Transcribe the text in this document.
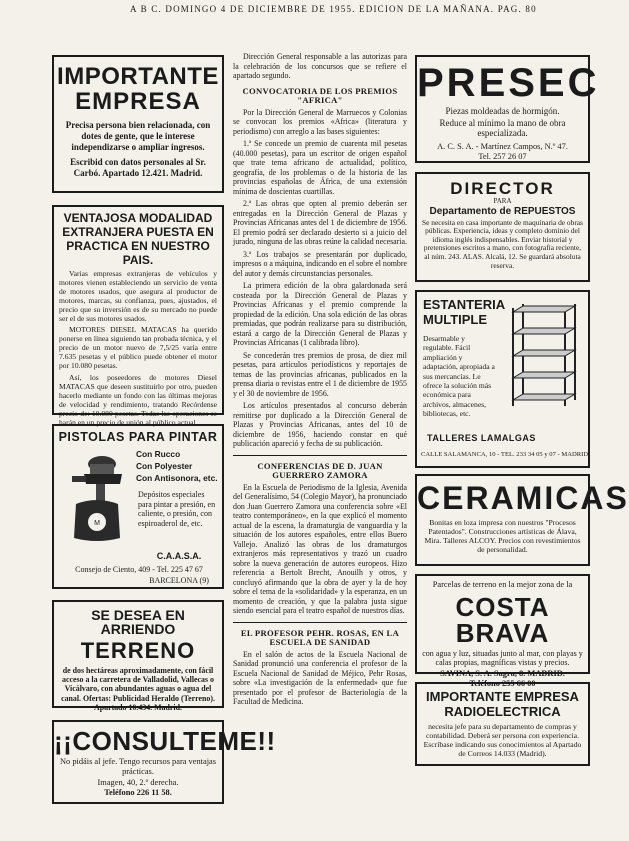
A B C. DOMINGO 4 DE DICIEMBRE DE 1955. EDICION DE LA MAÑANA. PAG. 80
IMPORTANTE
EMPRESA
Precisa persona bien relacionada, con dotes de gente, que le interese independizarse o ampliar ingresos.
Escribid con datos personales al Sr. Carbó. Apartado 12.421. Madrid.
VENTAJOSA MODALIDAD EXTRANJERA PUESTA EN PRACTICA EN NUESTRO PAIS.

Varias empresas extranjeras de vehículos y motores vienen estableciendo un servicio de venta de motores usados, que asegura al productor de motores, marcas, su confianza, pues, ajustados, el precio que su inversión es de su mercado no puede ser el de sus motores usados.

MOTORES DIESEL MATACAS ha querido ponerse en línea siguiendo tan probada técnica, y el precio de un motor nuevo de 7,5/25 varía entre 7.635 pesetas y el público puede obtener el motor por 10.080 pesetas.

Así, los poseedores de motores Diesel MATACAS que deseen sustituirlo por otro, pueden hacerlo mediante un fondo con las últimas mejoras de velocidad y rendimiento, tratando Recórdense precio de: 10.080 pesetas. Todas las operaciones se harán en un precio de unión al público actual.

PISTOLAS PARA PINTAR
M
Con Rucco
Con Polyester
Con Antisonora, etc.
Depósitos especiales para pintar a presión, en caliente, o presión, con espiroaderol de, etc.
C.A.A.S.A.
Consejo de Ciento, 409 - Tel. 225 47 67
BARCELONA (9)
SE DESEA EN ARRIENDO
TERRENO
de dos hectáreas aproximadamente, con fácil acceso a la carretera de Valladolid, Vallecas o Vicálvaro, con abundantes aguas o agua del canal. Ofertas: Publicidad Heraldo (Terreno). Apartado 10.434. Madrid.
¡¡CONSULTEME!!
No pidáis al jefe. Tengo recursos para ventajas prácticas.
Imagen, 40, 2.º derecha.
Teléfono 226 11 58.

Dirección General responsable a las autorizas para la celebración de los concursos que se refiere el apartado segundo.

CONVOCATORIA DE LOS PREMIOS "AFRICA"

Por la Dirección General de Marruecos y Colonias se convocan los premios «Africa» (literatura y periodismo) con arreglo a las bases siguientes:

1.ª Se concede un premio de cuarenta mil pesetas (40.000 pesetas), para un escritor de origen español que trate tema africano de actualidad, político, geografía, de los problemas o de la historia de las provincias españolas de África, de una extensión mínima de doscientas cuartillas.

2.ª Las obras que opten al premio deberán ser entregadas en la Dirección General de Plazas y Provincias Africanas antes del 1 de diciembre de 1956. El premio podrá ser declarado desierto si a juicio del jurado, ninguna de las obras reúne la calidad necesaria.

3.ª Los trabajos se presentarán por duplicado, impresos o a máquina, indicando en el sobre el nombre del autor y demás circunstancias personales.

La primera edición de la obra galardonada será costeada por la Dirección General de Plazas y Provincias Africanas y el premio comprende la propiedad de la edición. Una sola edición de las obras premiadas, que podrán realizarse para su distribución, estará a cargo de la Dirección General de Plazas y Provincias Africanas (1 calibrada libro).

Se concederán tres premios de prosa, de diez mil pesetas, para artículos periodísticos y reportajes de temas de las provincias africanas, publicados en la prensa diaria o revistas entre el 1 de diciembre de 1955 y el 30 de noviembre de 1956.

Los artículos presentados al concurso deberán remitirse por duplicado a la Dirección General de Plazas y Provincias Africanas, antes del 10 de diciembre de 1956, haciendo constar en qué publicación apareció y fecha de su publicación.

CONFERENCIAS DE D. JUAN GUERRERO ZAMORA

En la Escuela de Periodismo de la Iglesia, Avenida del Generalísimo, 54 (Colegio Mayor), ha pronunciado don Juan Guerrero Zamora una conferencia sobre «El teatro contemporáneo», en la que explicó el momento actual de la escena, la dramaturgia de vanguardia y la situación de los autores españoles, entre ellos Buero Vallejo. Analizó las obras de los dramaturgos extranjeros más representativos y trazó un cuadro sobre la nueva generación de autores europeos. Hizo referencia a Bertolt Brecht, Anouilh y otros, y concluyó afirmando que la obra de ayer y la de hoy sobre el tema de la «solidaridad» y la esperanza, en un momento de creación, y que la palabra justa sigue siendo esencial para el teatro español de nuestros días.

EL PROFESOR PEHR. ROSAS, EN LA ESCUELA DE SANIDAD

En el salón de actos de la Escuela Nacional de Sanidad pronunció una conferencia el profesor de la Escuela Nacional de Sanidad de Méjico, Pehr Rosas, sobre «La investigación de la enfermedad» que fue presentado por el profesor de Bacteriología de la Facultad de Medicina.

PRESEC
Piezas moldeadas de hormigón.
Reduce al mínimo la mano de obra especializada.
A. C. S. A. - Martínez Campos, N.º 47.
Tel. 257 26 07
DIRECTOR
PARA
Departamento de REPUESTOS
Se necesita en casa importante de maquinaria de obras públicas. Experiencia, ideas y completo dominio del idioma inglés indispensables. Enviar historial y pretensiones escritos a mano, con fotografía reciente, al núm. 243. ALAS. Alcalá, 12. Se guardará absoluta reserva.
ESTANTERIA
MULTIPLE
Desarmable y regulable. Fácil ampliación y adaptación, apropiada a sus mercancías. Le ofrece la solución más económica para archivos, almacenes, bibliotecas, etc.
TALLERES LAMALGAS
CALLE SALAMANCA, 10 - TEL. 233 34 05 y 07 - MADRID
CERAMICAS
Bonitas en loza impresa con nuestros "Procesos Patentados". Construcciones artísticas de Álava, Mira. Talleres ALCOY. Precios con revestimientos de personalidad.
Parcelas de terreno en la mejor zona de la
COSTA BRAVA
con agua y luz, situadas junto al mar, con playas y calas propias, magníficas vistas y precios.
SAVINA, S. A. Sagra, 8. MADRID.
Teléfono 255 66 00
IMPORTANTE EMPRESA
RADIOELECTRICA
necesita jefe para su departamento de compras y contabilidad. Deberá ser persona con experiencia. Escríbase indicando sus conocimientos al Apartado de Correos 14.033 (Madrid).
